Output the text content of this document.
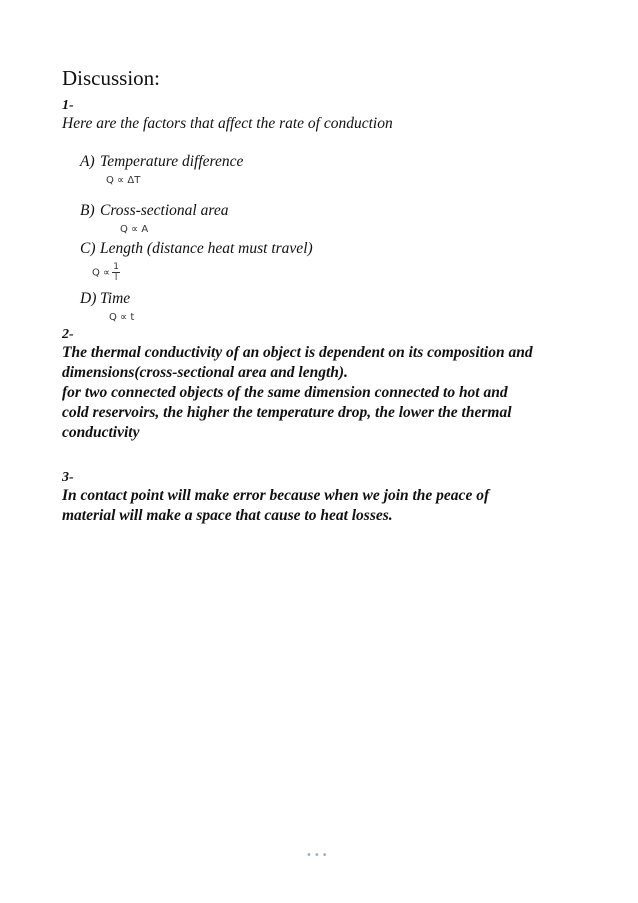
Discussion:
1-
Here are the factors that affect the rate of conduction
A) Temperature difference
Q ∝ ΔT
B) Cross-sectional area
Q ∝ A
C) Length (distance heat must travel)
$Q \propto \frac{1}{l}$
D) Time
Q ∝ t
2-
The thermal conductivity of an object is dependent on its composition and
dimensions(cross-sectional area and length).
for two connected objects of the same dimension connected to hot and
cold reservoirs, the higher the temperature drop, the lower the thermal
conductivity
3-
In contact point will make error because when we join the peace of
material will make a space that cause to heat losses.
•••
